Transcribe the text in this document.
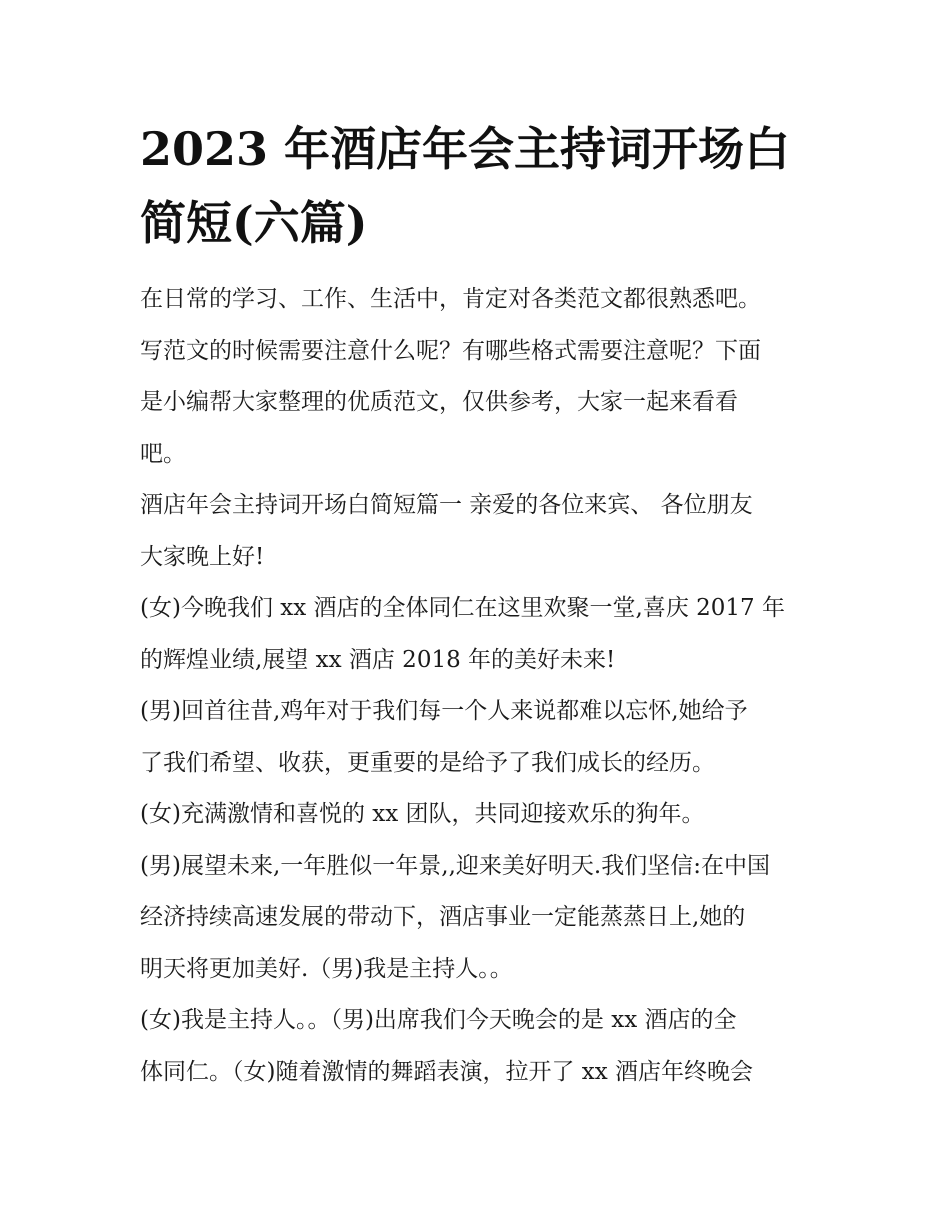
2023 年酒店年会主持词开场白
简短(六篇)

在日常的学习、工作、生活中，肯定对各类范文都很熟悉吧。
写范文的时候需要注意什么呢？有哪些格式需要注意呢？下面
是小编帮大家整理的优质范文，仅供参考，大家一起来看看
吧。

酒店年会主持词开场白简短篇一 亲爱的各位来宾、 各位朋友
大家晚上好!

(女)今晚我们 xx 酒店的全体同仁在这里欢聚一堂,喜庆 2017 年
的辉煌业绩,展望 xx 酒店 2018 年的美好未来!

(男)回首往昔,鸡年对于我们每一个人来说都难以忘怀,她给予
了我们希望、收获，更重要的是给予了我们成长的经历。

(女)充满激情和喜悦的 xx 团队，共同迎接欢乐的狗年。

(男)展望未来,一年胜似一年景,,迎来美好明天.我们坚信:在中国
经济持续高速发展的带动下，酒店事业一定能蒸蒸日上,她的
明天将更加美好.（男)我是主持人。。

(女)我是主持人。。（男)出席我们今天晚会的是 xx 酒店的全
体同仁。（女)随着激情的舞蹈表演，拉开了 xx 酒店年终晚会
